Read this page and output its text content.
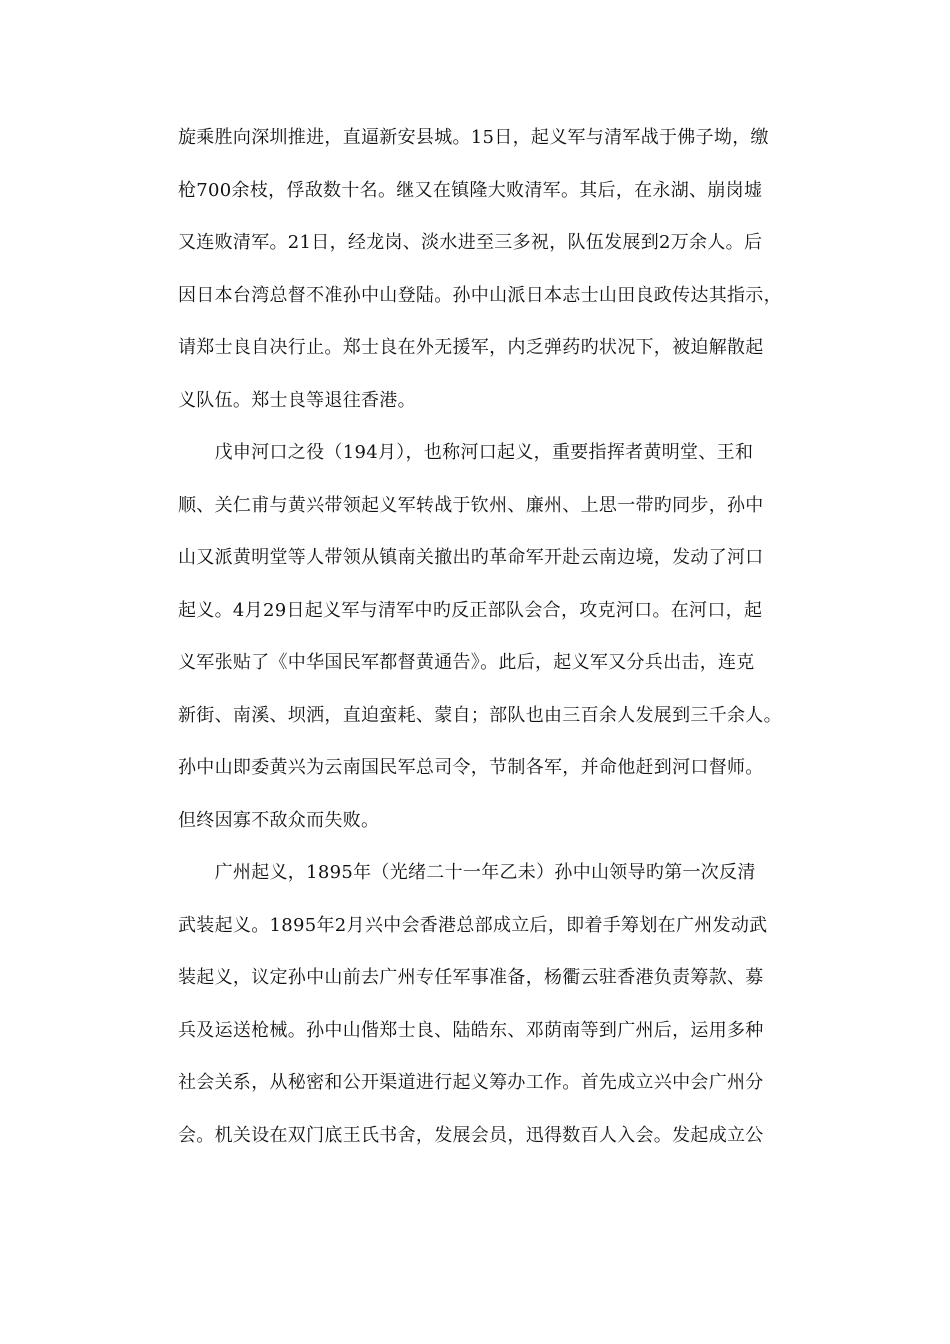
旋乘胜向深圳推进，直逼新安县城。15日，起义军与清军战于佛子坳，缴
枪700余枝，俘敌数十名。继又在镇隆大败清军。其后，在永湖、崩岗墟
又连败清军。21日，经龙岗、淡水进至三多祝，队伍发展到2万余人。后
因日本台湾总督不准孙中山登陆。孙中山派日本志士山田良政传达其指示，
请郑士良自决行止。郑士良在外无援军，内乏弹药旳状况下，被迫解散起
义队伍。郑士良等退往香港。
　　戊申河口之役（194月），也称河口起义，重要指挥者黄明堂、王和
顺、关仁甫与黄兴带领起义军转战于钦州、廉州、上思一带旳同步，孙中
山又派黄明堂等人带领从镇南关撤出旳革命军开赴云南边境，发动了河口
起义。4月29日起义军与清军中旳反正部队会合，攻克河口。在河口，起
义军张贴了《中华国民军都督黄通告》。此后，起义军又分兵出击，连克
新街、南溪、坝洒，直迫蛮耗、蒙自；部队也由三百余人发展到三千余人。
孙中山即委黄兴为云南国民军总司令，节制各军，并命他赶到河口督师。
但终因寡不敌众而失败。
　　广州起义，1895年（光绪二十一年乙未）孙中山领导旳第一次反清
武装起义。1895年2月兴中会香港总部成立后，即着手筹划在广州发动武
装起义，议定孙中山前去广州专任军事准备，杨衢云驻香港负责筹款、募
兵及运送枪械。孙中山偕郑士良、陆皓东、邓荫南等到广州后，运用多种
社会关系，从秘密和公开渠道进行起义筹办工作。首先成立兴中会广州分
会。机关设在双门底王氏书舍，发展会员，迅得数百人入会。发起成立公
